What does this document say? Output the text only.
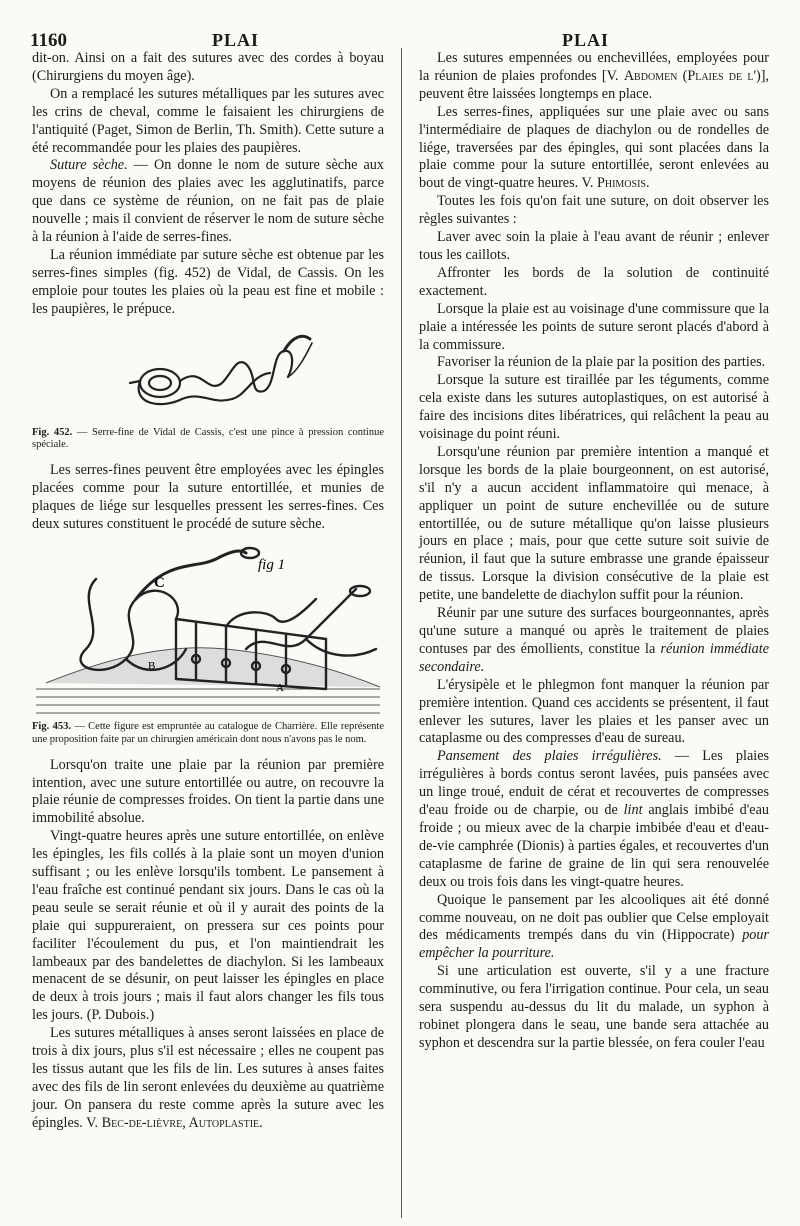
1160	PLAI	PLAI

dit-on. Ainsi on a fait des sutures avec des cordes à boyau (Chirurgiens du moyen âge).

On a remplacé les sutures métalliques par les sutures avec les crins de cheval, comme le faisaient les chirurgiens de l'antiquité (Paget, Simon de Berlin, Th. Smith). Cette suture a été recommandée pour les plaies des paupières.

Suture sèche. — On donne le nom de suture sèche aux moyens de réunion des plaies avec les agglutinatifs, parce que dans ce système de réunion, on ne fait pas de plaie nouvelle ; mais il convient de réserver le nom de suture sèche à la réunion à l'aide de serres-fines.

La réunion immédiate par suture sèche est obtenue par les serres-fines simples (fig. 452) de Vidal, de Cassis. On les emploie pour toutes les plaies où la peau est fine et mobile : les paupières, le prépuce.

Fig. 452. — Serre-fine de Vidal de Cassis, c'est une pince à pression continue spéciale.

Les serres-fines peuvent être employées avec les épingles placées comme pour la suture entortillée, et munies de plaques de liége sur lesquelles pressent les serres-fines. Ces deux sutures constituent le procédé de suture sèche.

C
fig 1
B
A
Fig. 453. — Cette figure est empruntée au catalogue de Charrière. Elle représente une proposition faite par un chirurgien américain dont nous n'avons pas le nom.

Lorsqu'on traite une plaie par la réunion par première intention, avec une suture entortillée ou autre, on recouvre la plaie réunie de compresses froides. On tient la partie dans une immobilité absolue.

Vingt-quatre heures après une suture entortillée, on enlève les épingles, les fils collés à la plaie sont un moyen d'union suffisant ; ou les enlève lorsqu'ils tombent. Le pansement à l'eau fraîche est continué pendant six jours. Dans le cas où la peau seule se serait réunie et où il y aurait des points de la plaie qui suppureraient, on pressera sur ces points pour faciliter l'écoulement du pus, et l'on maintiendrait les lambeaux par des bandelettes de diachylon. Si les lambeaux menacent de se désunir, on peut laisser les épingles en place de deux à trois jours ; mais il faut alors changer les fils tous les jours. (P. Dubois.)

Les sutures métalliques à anses seront laissées en place de trois à dix jours, plus s'il est nécessaire ; elles ne coupent pas les tissus autant que les fils de lin. Les sutures à anses faites avec des fils de lin seront enlevées du deuxième au quatrième jour. On pansera du reste comme après la suture avec les épingles. V. Bec-de-lièvre, Autoplastie.

Les sutures empennées ou enchevillées, employées pour la réunion de plaies profondes [V. Abdomen (Plaies de l')], peuvent être laissées longtemps en place.

Les serres-fines, appliquées sur une plaie avec ou sans l'intermédiaire de plaques de diachylon ou de rondelles de liége, traversées par des épingles, qui sont placées dans la plaie comme pour la suture entortillée, seront enlevées au bout de vingt-quatre heures. V. Phimosis.

Toutes les fois qu'on fait une suture, on doit observer les règles suivantes :

Laver avec soin la plaie à l'eau avant de réunir ; enlever tous les caillots.

Affronter les bords de la solution de continuité exactement.

Lorsque la plaie est au voisinage d'une commissure que la plaie a intéressée les points de suture seront placés d'abord à la commissure.

Favoriser la réunion de la plaie par la position des parties.

Lorsque la suture est tiraillée par les téguments, comme cela existe dans les sutures autoplastiques, on est autorisé à faire des incisions dites libératrices, qui relâchent la peau au voisinage du point réuni.

Lorsqu'une réunion par première intention a manqué et lorsque les bords de la plaie bourgeonnent, on est autorisé, s'il n'y a aucun accident inflammatoire qui menace, à appliquer un point de suture enchevillée ou de suture entortillée, ou de suture métallique qu'on laisse plusieurs jours en place ; mais, pour que cette suture soit suivie de réunion, il faut que la suture embrasse une grande épaisseur de tissus. Lorsque la division consécutive de la plaie est petite, une bandelette de diachylon suffit pour la réunion.

Réunir par une suture des surfaces bourgeonnantes, après qu'une suture a manqué ou après le traitement de plaies contuses par des émollients, constitue la réunion immédiate secondaire.

L'érysipèle et le phlegmon font manquer la réunion par première intention. Quand ces accidents se présentent, il faut enlever les sutures, laver les plaies et les panser avec un cataplasme ou des compresses d'eau de sureau.

Pansement des plaies irrégulières. — Les plaies irrégulières à bords contus seront lavées, puis pansées avec un linge troué, enduit de cérat et recouvertes de compresses d'eau froide ou de charpie, ou de lint anglais imbibé d'eau froide ; ou mieux avec de la charpie imbibée d'eau et d'eau-de-vie camphrée (Dionis) à parties égales, et recouvertes d'un cataplasme de farine de graine de lin qui sera renouvelée deux ou trois fois dans les vingt-quatre heures.

Quoique le pansement par les alcooliques ait été donné comme nouveau, on ne doit pas oublier que Celse employait des médicaments trempés dans du vin (Hippocrate) pour empêcher la pourriture.

Si une articulation est ouverte, s'il y a une fracture comminutive, ou fera l'irrigation continue. Pour cela, un seau sera suspendu au-dessus du lit du malade, un syphon à robinet plongera dans le seau, une bande sera attachée au syphon et descendra sur la partie blessée, on fera couler l'eau
